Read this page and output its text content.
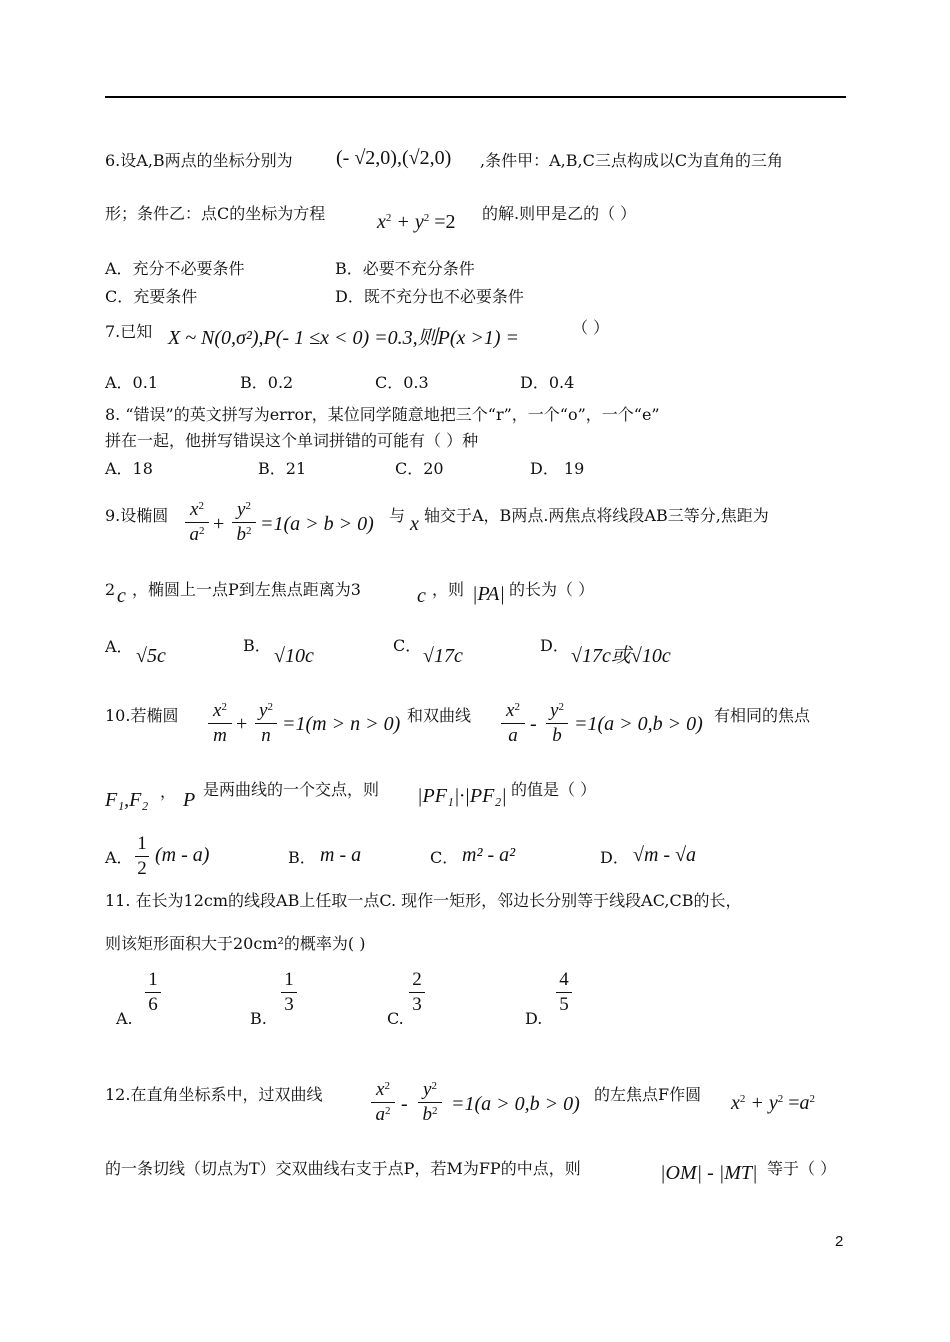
6.设A,B两点的坐标分别为 (- √2,0),(√2,0) ,条件甲：A,B,C三点构成以C为直角的三角
形；条件乙：点C的坐标为方程	$x^2 + y^2 =2$ 的解.则甲是乙的（ ）
A．充分不必要条件	B．必要不充分条件
C．充要条件	D．既不充分也不必要条件
7.已知 X ~ N(0,σ²),P(- 1 ≤x < 0) =0.3,则P(x >1) =	（ ）
A．0.1	B．0.2	C．0.3	D．0.4
8. “错误”的英文拼写为error，某位同学随意地把三个“r”，一个“o”，一个“e”
拼在一起，他拼写错误这个单词拼错的可能有（ ）种
A．18	B．21	C．20	D． 19
9.设椭圆	$x^2$
$a^2$ +
$y^2$
$b^2 =1(a > b > 0)$ 与 x 轴交于A，B两点.两焦点将线段AB三等分,焦距为
2 c ，椭圆上一点P到左焦点距离为3	c ，则 |PA| 的长为（ ）
A． √5c	B． √10c	C． √17c	D． √17c或√10c
10.若椭圆	$x^2$
m
+
$y^2$
n
=1(m > n > 0) 和双曲线	$x^2$
a
-
$y^2$
b
=1(a > 0,b > 0) 有相同的焦点
F₁,F₂ ， P 是两曲线的一个交点，则 |PF₁|·|PF₂| 的值是（ ）
A．
1
2
(m - a)	B． m - a	C． m² - a²	D． √m - √a
11. 在长为12cm的线段AB上任取一点C. 现作一矩形，邻边长分别等于线段AC,CB的长，
则该矩形面积大于20cm²的概率为( )
A.
1
6
B.
1
3
C.
2
3
D.
4
5
12.在直角坐标系中，过双曲线	$x^2$
$a^2$ -
$y^2$
$b^2 =1(a > 0,b > 0)$ 的左焦点F作圆 $x^2 + y^2 =a^2$
的一条切线（切点为T）交双曲线右支于点P，若M为FP的中点，则	|OM| - |MT| 等于（ ）
2
